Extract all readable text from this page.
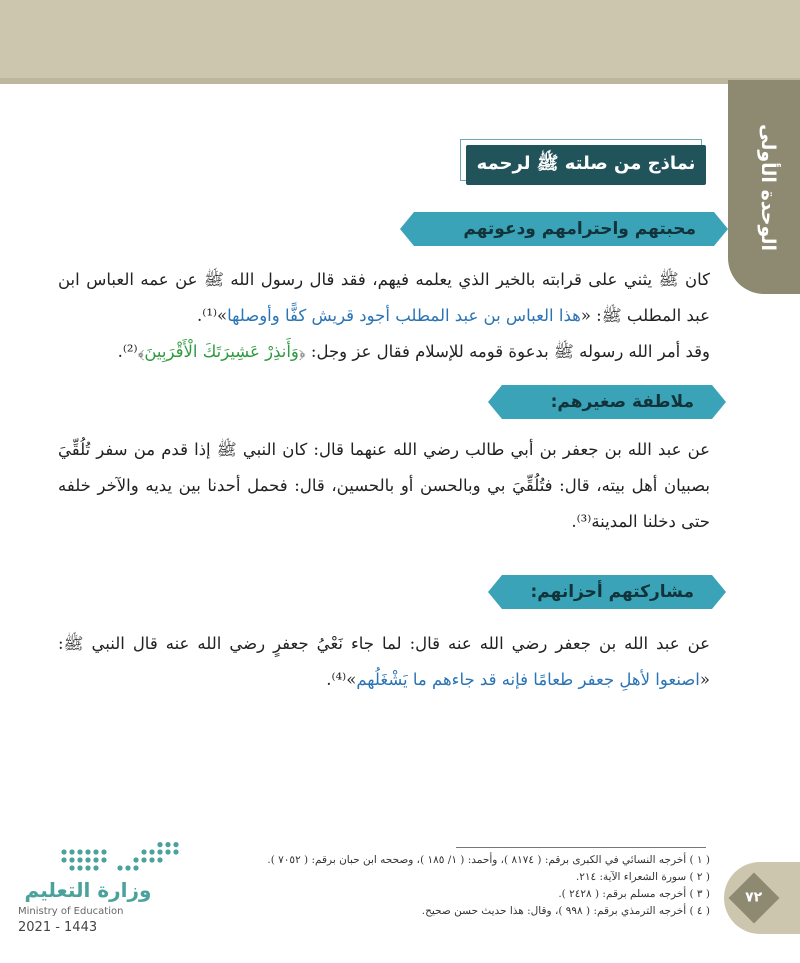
الوحدة الأولى
نماذج من صلته ﷺ لرحمه
محبتهم واحترامهم ودعوتهم
كان ﷺ يثني على قرابته بالخير الذي يعلمه فيهم، فقد قال رسول الله ﷺ عن عمه العباس ابن عبد المطلب ﷺ: «هذا العباس بن عبد المطلب أجود قريش كفًّا وأوصلها»⁽¹⁾.
وقد أمر الله رسوله ﷺ بدعوة قومه للإسلام فقال عز وجل: ﴿وَأَنذِرْ عَشِيرَتَكَ الْأَقْرَبِينَ﴾⁽²⁾.
ملاطفة صغيرهم:
عن عبد الله بن جعفر بن أبي طالب رضي الله عنهما قال: كان النبي ﷺ إذا قدم من سفر تُلُقِّيَ بصبيان أهل بيته، قال: فتُلُقِّيَ بي وبالحسن أو بالحسين، قال: فحمل أحدنا بين يديه والآخر خلفه حتى دخلنا المدينة⁽³⁾.
مشاركتهم أحزانهم:
عن عبد الله بن جعفر رضي الله عنه قال: لما جاء نَعْيُ جعفرٍ رضي الله عنه قال النبي ﷺ: «اصنعوا لأهلِ جعفر طعامًا فإنه قد جاءهم ما يَشْغَلُهم»⁽⁴⁾.
( ١ ) أخرجه النسائي في الكبرى برقم: ( ٨١٧٤ )، وأحمد: ( ١/ ١٨٥ )، وصححه ابن حبان برقم: ( ٧٠٥٢ ).
( ٢ ) سورة الشعراء الآية: ٢١٤.
( ٣ ) أخرجه مسلم برقم: ( ٢٤٢٨ ).
( ٤ ) أخرجه الترمذي برقم: ( ٩٩٨ )، وقال: هذا حديث حسن صحيح.
٧٢
وزارة التعليم
Ministry of Education
2021 - 1443
